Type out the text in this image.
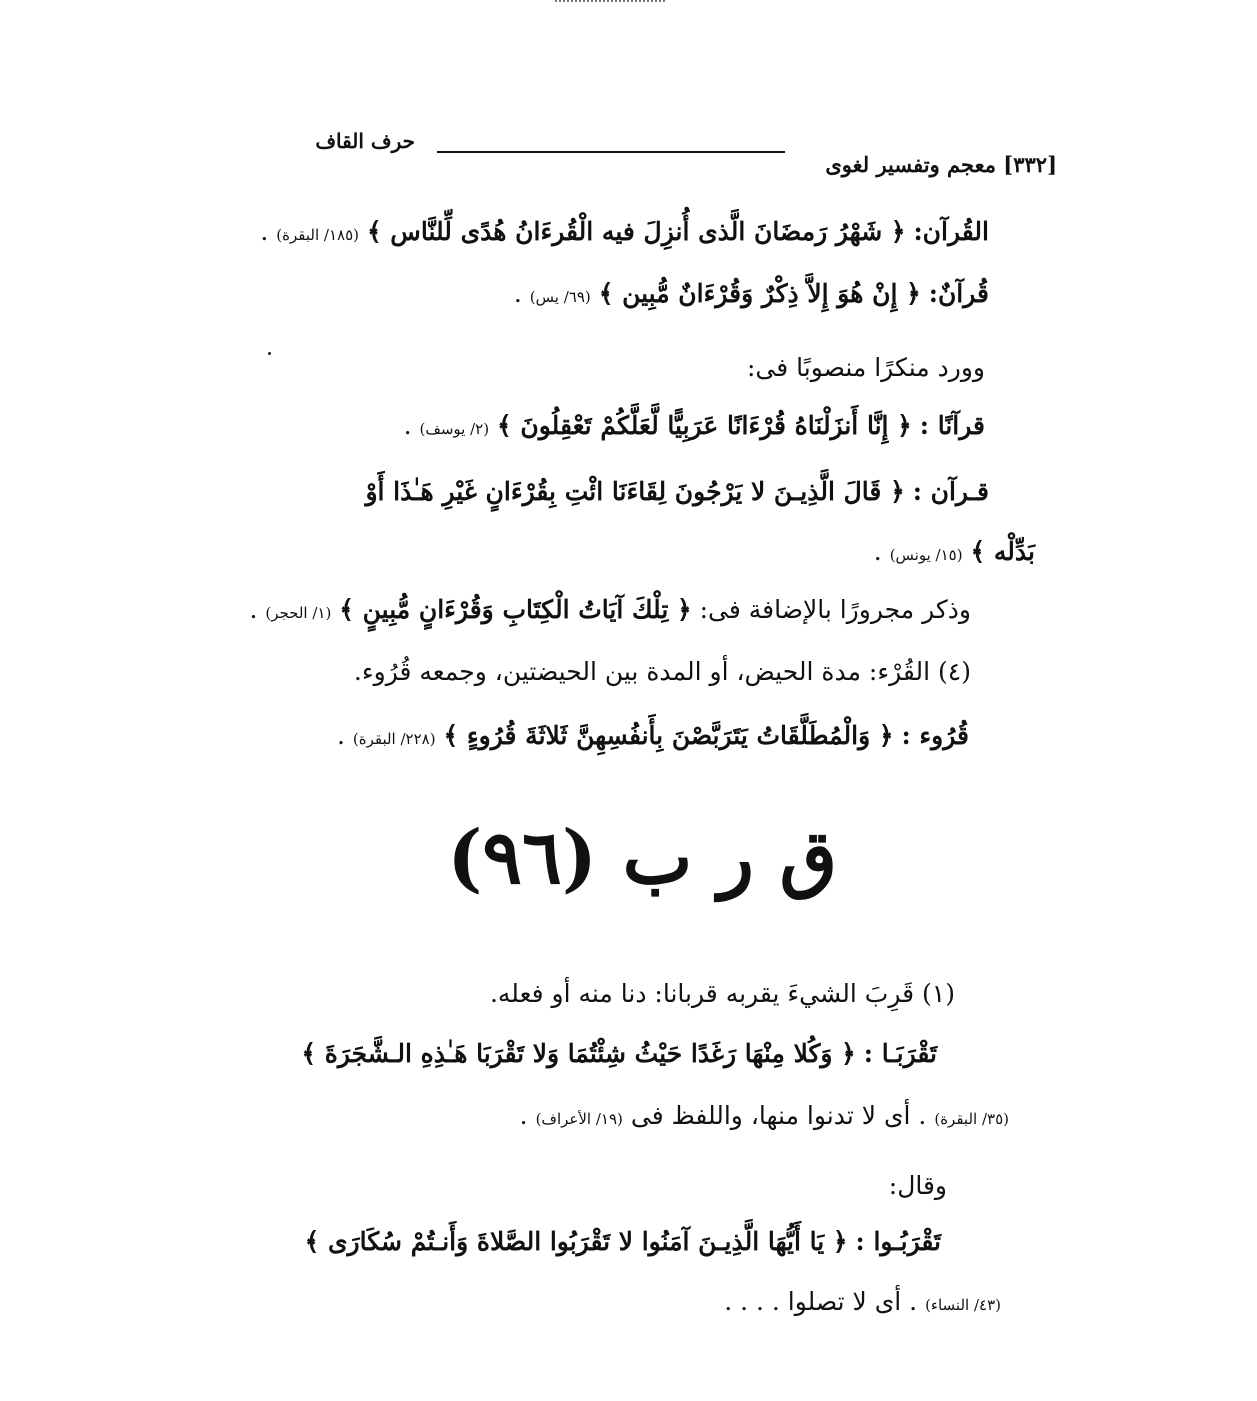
[٣٣٢] معجم وتفسير لغوى
حرف القاف
القُرآن: ﴿ شَهْرُ رَمضَانَ الَّذى أُنزِلَ فيه الْقُرءَانُ هُدًى لِّلنَّاس ﴾ (١٨٥/ البقرة) .
قُرآنٌ: ﴿ إِنْ هُوَ إِلاَّ ذِكْرٌ وَقُرْءَانٌ مُّبِين ﴾ (٦٩/ يس) .
وورد منكرًا منصوبًا فى:
قرآنًا : ﴿ إِنَّا أَنزَلْنَاهُ قُرْءَانًا عَرَبِيًّا لَّعَلَّكُمْ تَعْقِلُونَ ﴾ (٢/ يوسف) .
قـرآن : ﴿ قَالَ الَّذِيـنَ لا يَرْجُونَ لِقَاءَنَا ائْتِ بِقُرْءَانٍ غَيْرِ هَـٰذَا أَوْ
بَدِّلْه ﴾ (١٥/ يونس) .
وذكر مجرورًا بالإضافة فى: ﴿ تِلْكَ آيَاتُ الْكِتَابِ وَقُرْءَانٍ مُّبِينٍ ﴾ (١/ الحجر) .
(٤) القُرْء: مدة الحيض، أو المدة بين الحيضتين، وجمعه قُرُوء.
قُرُوء : ﴿ وَالْمُطَلَّقَاتُ يَتَرَبَّصْنَ بِأَنفُسِهِنَّ ثَلاثَةَ قُرُوءٍ ﴾ (٢٢٨/ البقرة) .
ق ر ب (٩٦)
(١) قَرِبَ الشيءَ يقربه قربانا: دنا منه أو فعله.
تَقْرَبَـا : ﴿ وَكُلا مِنْهَا رَغَدًا حَيْثُ شِئْتُمَا وَلا تَقْرَبَا هَـٰذِهِ الـشَّجَرَةَ ﴾
(٣٥/ البقرة) . أى لا تدنوا منها، واللفظ فى (١٩/ الأعراف) .
وقال:
تَقْرَبُـوا : ﴿ يَا أَيُّهَا الَّذِيـنَ آمَنُوا لا تَقْرَبُوا الصَّلاةَ وَأَنـتُمْ سُكَارَى ﴾
(٤٣/ النساء) . أى لا تصلوا . . . .
